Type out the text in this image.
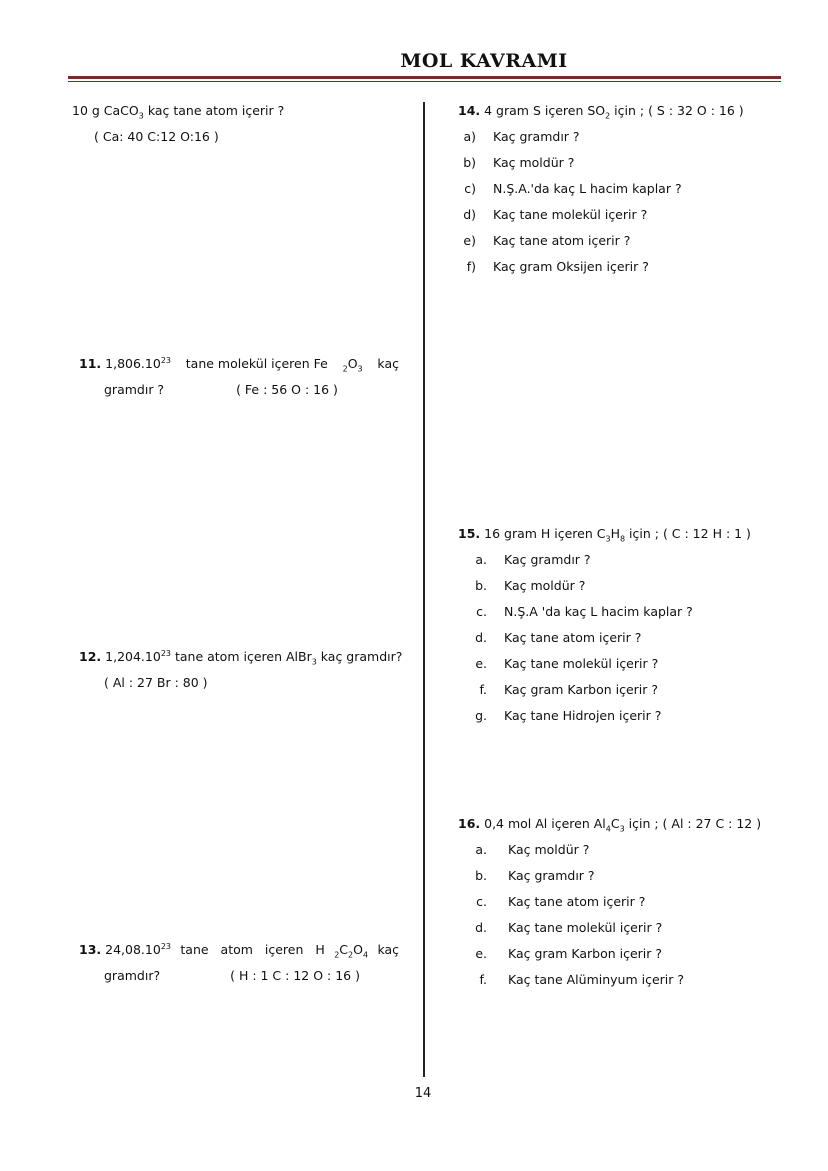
MOL KAVRAMI
10 g CaCO$_3$ kaç tane atom içerir ?
( Ca: 40 C:12 O:16 )
11. 1,806.10$^{23}$ tane molekül içeren Fe $_2O_3$ kaç
gramdır ?	( Fe : 56 O : 16 )
12. 1,204.10$^{23}$ tane atom içeren AlBr$_3$ kaç gramdır?
( Al : 27 Br : 80 )
13. 24,08.10$^{23}$ tane atom içeren H $_2C_2O_4$ kaç
gramdır?	( H : 1 C : 12 O : 16 )
14. 4 gram S içeren $SO_2$ için ; ( S : 32 O : 16 )
a) Kaç gramdır ?
b) Kaç moldür ?
c) N.Ş.A.'da kaç L hacim kaplar ?
d) Kaç tane molekül içerir ?
e) Kaç tane atom içerir ?
f) Kaç gram Oksijen içerir ?
15. 16 gram H içeren $C_3H_8$ için ; ( C : 12 H : 1 )
a. Kaç gramdır ?
b. Kaç moldür ?
c. N.Ş.A 'da kaç L hacim kaplar ?
d. Kaç tane atom içerir ?
e. Kaç tane molekül içerir ?
f. Kaç gram Karbon içerir ?
g. Kaç tane Hidrojen içerir ?
16. 0,4 mol Al içeren $Al_4C_3$ için ; ( Al : 27 C : 12 )
a. Kaç moldür ?
b. Kaç gramdır ?
c. Kaç tane atom içerir ?
d. Kaç tane molekül içerir ?
e. Kaç gram Karbon içerir ?
f. Kaç tane Alüminyum içerir ?
14
